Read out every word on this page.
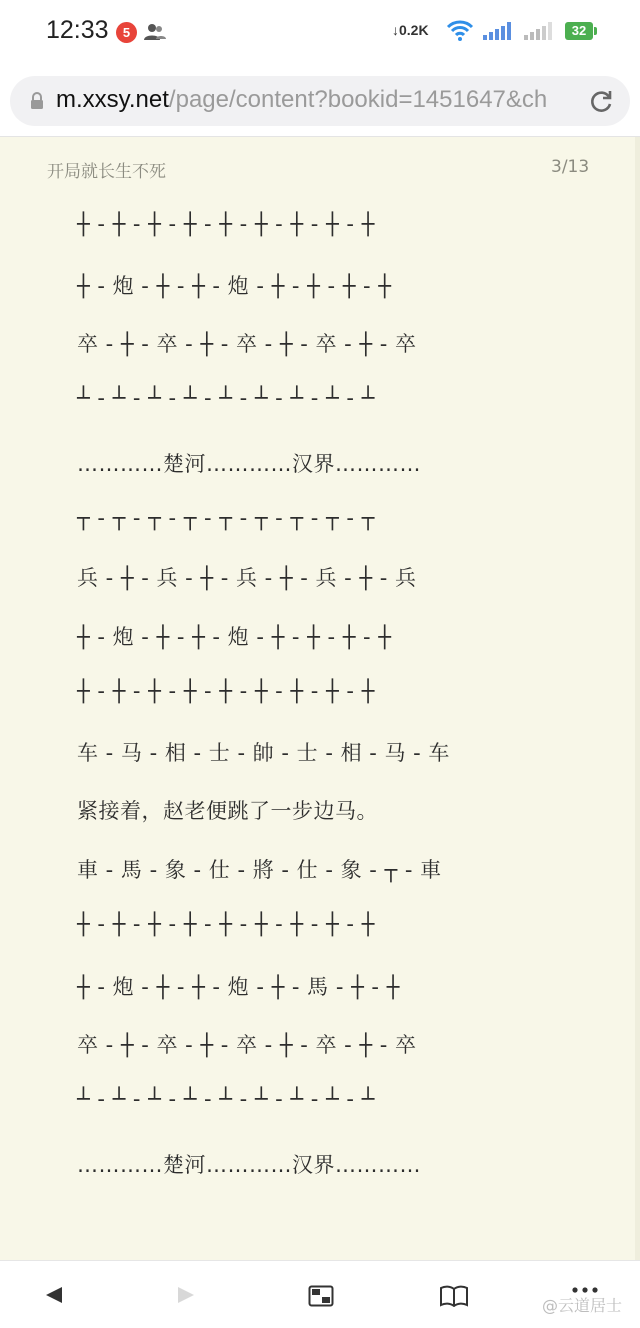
12:33	5	↓0.2K	32
m.xxsy.net/page/content?bookid=1451647&ch
开局就长生不死	3/13
┼ - ┼ - ┼ - ┼ - ┼ - ┼ - ┼ - ┼ - ┼
┼ - 炮 - ┼ - ┼ - 炮 - ┼ - ┼ - ┼ - ┼
卒 - ┼ - 卒 - ┼ - 卒 - ┼ - 卒 - ┼ - 卒
┴ - ┴ - ┴ - ┴ - ┴ - ┴ - ┴ - ┴ - ┴
…………楚河…………汉界…………
┬ - ┬ - ┬ - ┬ - ┬ - ┬ - ┬ - ┬ - ┬
兵 - ┼ - 兵 - ┼ - 兵 - ┼ - 兵 - ┼ - 兵
┼ - 炮 - ┼ - ┼ - 炮 - ┼ - ┼ - ┼ - ┼
┼ - ┼ - ┼ - ┼ - ┼ - ┼ - ┼ - ┼ - ┼
车 - 马 - 相 - 士 - 帥 - 士 - 相 - 马 - 车
紧接着，赵老便跳了一步边马。
車 - 馬 - 象 - 仕 - 將 - 仕 - 象 - ┬ - 車
┼ - ┼ - ┼ - ┼ - ┼ - ┼ - ┼ - ┼ - ┼
┼ - 炮 - ┼ - ┼ - 炮 - ┼ - 馬 - ┼ - ┼
卒 - ┼ - 卒 - ┼ - 卒 - ┼ - 卒 - ┼ - 卒
┴ - ┴ - ┴ - ┴ - ┴ - ┴ - ┴ - ┴ - ┴
…………楚河…………汉界…………
@云道居士
